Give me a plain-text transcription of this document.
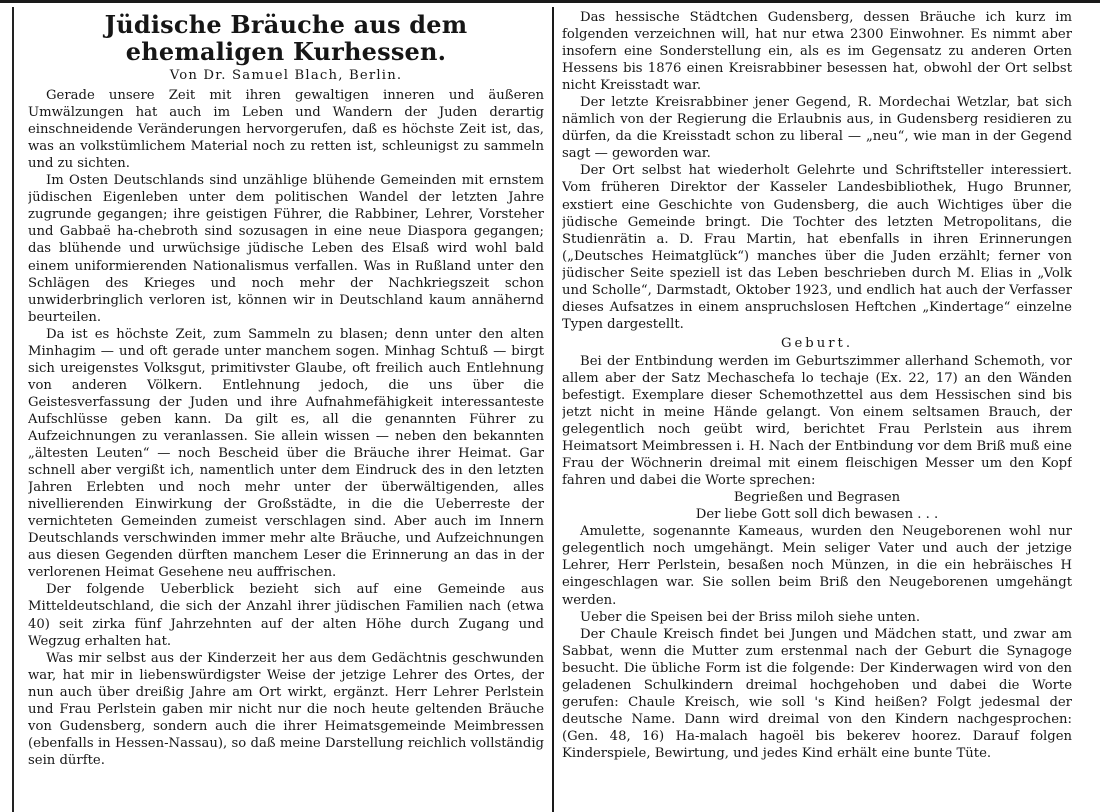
Jüdische Bräuche aus dem ehemaligen Kurhessen.
Von Dr. Samuel Blach, Berlin.

Gerade unsere Zeit mit ihren gewaltigen inneren und äußeren Umwälzungen hat auch im Leben und Wandern der Juden derartig einschneidende Veränderungen hervorgerufen, daß es höchste Zeit ist, das, was an volkstümlichem Material noch zu retten ist, schleunigst zu sammeln und zu sichten.

Im Osten Deutschlands sind unzählige blühende Gemeinden mit ernstem jüdischen Eigenleben unter dem politischen Wandel der letzten Jahre zugrunde gegangen; ihre geistigen Führer, die Rabbiner, Lehrer, Vorsteher und Gabbaë ha-chebroth sind sozusagen in eine neue Diaspora gegangen; das blühende und urwüchsige jüdische Leben des Elsaß wird wohl bald einem uniformierenden Nationalismus verfallen. Was in Rußland unter den Schlägen des Krieges und noch mehr der Nachkriegszeit schon unwiderbringlich verloren ist, können wir in Deutschland kaum annähernd beurteilen.

Da ist es höchste Zeit, zum Sammeln zu blasen; denn unter den alten Minhagim — und oft gerade unter manchem sogen. Minhag Schtuß — birgt sich ureigenstes Volksgut, primitivster Glaube, oft freilich auch Entlehnung von anderen Völkern. Entlehnung jedoch, die uns über die Geistesverfassung der Juden und ihre Aufnahmefähigkeit interessanteste Aufschlüsse geben kann. Da gilt es, all die genannten Führer zu Aufzeichnungen zu veranlassen. Sie allein wissen — neben den bekannten „ältesten Leuten“ — noch Bescheid über die Bräuche ihrer Heimat. Gar schnell aber vergißt ich, namentlich unter dem Eindruck des in den letzten Jahren Erlebten und noch mehr unter der überwältigenden, alles nivellierenden Einwirkung der Großstädte, in die die Ueberreste der vernichteten Gemeinden zumeist verschlagen sind. Aber auch im Innern Deutschlands verschwinden immer mehr alte Bräuche, und Aufzeichnungen aus diesen Gegenden dürften manchem Leser die Erinnerung an das in der verlorenen Heimat Gesehene neu auffrischen.

Der folgende Ueberblick bezieht sich auf eine Gemeinde aus Mitteldeutschland, die sich der Anzahl ihrer jüdischen Familien nach (etwa 40) seit zirka fünf Jahrzehnten auf der alten Höhe durch Zugang und Wegzug erhalten hat.

Was mir selbst aus der Kinderzeit her aus dem Gedächtnis geschwunden war, hat mir in liebenswürdigster Weise der jetzige Lehrer des Ortes, der nun auch über dreißig Jahre am Ort wirkt, ergänzt. Herr Lehrer Perlstein und Frau Perlstein gaben mir nicht nur die noch heute geltenden Bräuche von Gudensberg, sondern auch die ihrer Heimatsgemeinde Meimbressen (ebenfalls in Hessen-Nassau), so daß meine Darstellung reichlich vollständig sein dürfte.

Das hessische Städtchen Gudensberg, dessen Bräuche ich kurz im folgenden verzeichnen will, hat nur etwa 2300 Einwohner. Es nimmt aber insofern eine Sonderstellung ein, als es im Gegensatz zu anderen Orten Hessens bis 1876 einen Kreisrabbiner besessen hat, obwohl der Ort selbst nicht Kreisstadt war.

Der letzte Kreisrabbiner jener Gegend, R. Mordechai Wetzlar, bat sich nämlich von der Regierung die Erlaubnis aus, in Gudensberg residieren zu dürfen, da die Kreisstadt schon zu liberal — „neu“, wie man in der Gegend sagt — geworden war.

Der Ort selbst hat wiederholt Gelehrte und Schriftsteller interessiert. Vom früheren Direktor der Kasseler Landesbibliothek, Hugo Brunner, exstiert eine Geschichte von Gudensberg, die auch Wichtiges über die jüdische Gemeinde bringt. Die Tochter des letzten Metropolitans, die Studienrätin a. D. Frau Martin, hat ebenfalls in ihren Erinnerungen („Deutsches Heimatglück“) manches über die Juden erzählt; ferner von jüdischer Seite speziell ist das Leben beschrieben durch M. Elias in „Volk und Scholle“, Darmstadt, Oktober 1923, und endlich hat auch der Verfasser dieses Aufsatzes in einem anspruchslosen Heftchen „Kindertage“ einzelne Typen dargestellt.

Geburt.

Bei der Entbindung werden im Geburtszimmer allerhand Schemoth, vor allem aber der Satz Mechaschefa lo techaje (Ex. 22, 17) an den Wänden befestigt. Exemplare dieser Schemothzettel aus dem Hessischen sind bis jetzt nicht in meine Hände gelangt. Von einem seltsamen Brauch, der gelegentlich noch geübt wird, berichtet Frau Perlstein aus ihrem Heimatsort Meimbressen i. H. Nach der Entbindung vor dem Briß muß eine Frau der Wöchnerin dreimal mit einem fleischigen Messer um den Kopf fahren und dabei die Worte sprechen:

Begrießen und Begrasen
Der liebe Gott soll dich bewasen . . .

Amulette, sogenannte Kameaus, wurden den Neugeborenen wohl nur gelegentlich noch umgehängt. Mein seliger Vater und auch der jetzige Lehrer, Herr Perlstein, besaßen noch Münzen, in die ein hebräisches H eingeschlagen war. Sie sollen beim Briß den Neugeborenen umgehängt werden.

Ueber die Speisen bei der Briss miloh siehe unten.

Der Chaule Kreisch findet bei Jungen und Mädchen statt, und zwar am Sabbat, wenn die Mutter zum erstenmal nach der Geburt die Synagoge besucht. Die übliche Form ist die folgende: Der Kinderwagen wird von den geladenen Schulkindern dreimal hochgehoben und dabei die Worte gerufen: Chaule Kreisch, wie soll 's Kind heißen? Folgt jedesmal der deutsche Name. Dann wird dreimal von den Kindern nachgesprochen: (Gen. 48, 16) Ha-malach hagoël bis bekerev hoorez. Darauf folgen Kinderspiele, Bewirtung, und jedes Kind erhält eine bunte Tüte.
